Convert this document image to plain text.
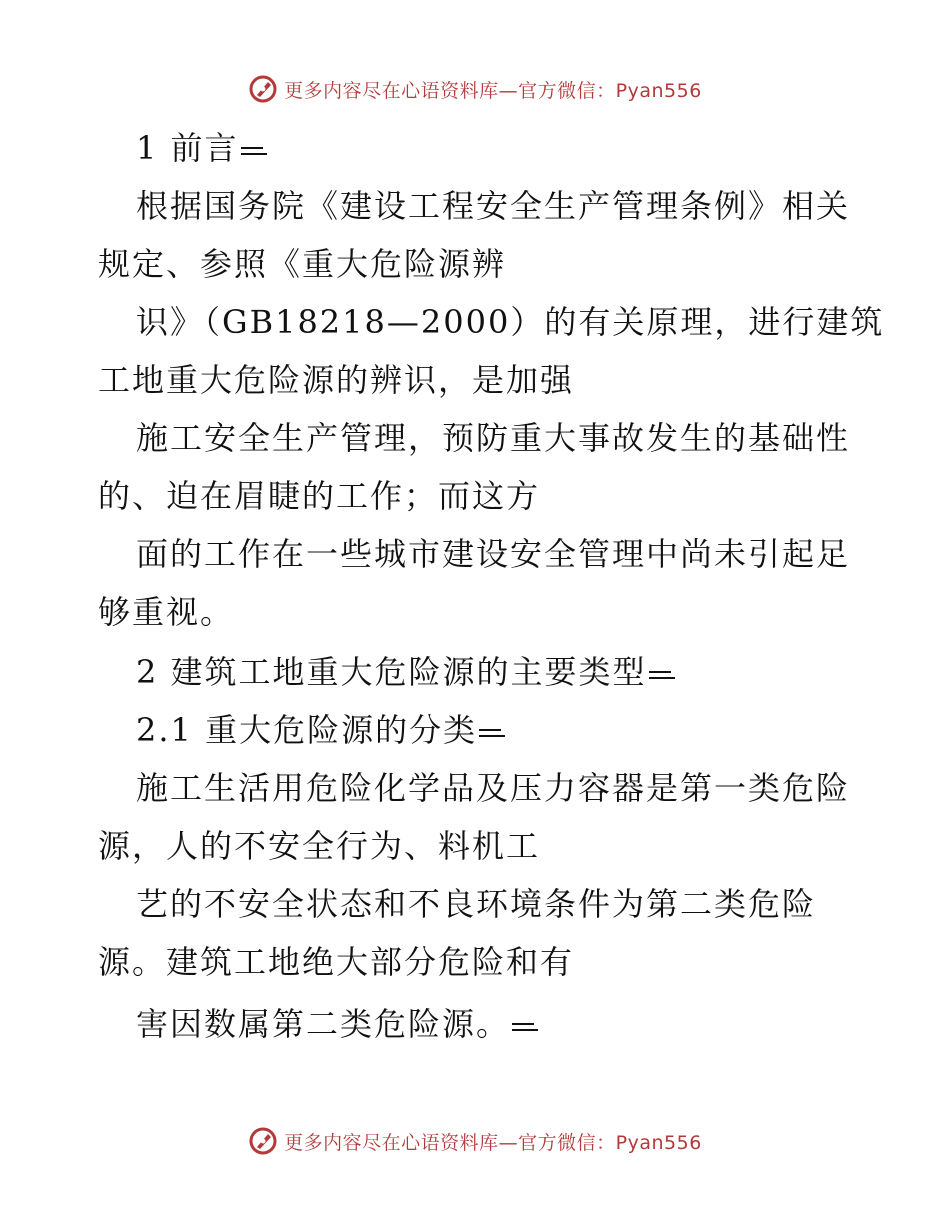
更多内容尽在心语资料库—官方微信：Pyan556
1 前言
根据国务院《建设工程安全生产管理条例》相关
规定、参照《重大危险源辨
识》（GB18218—2000）的有关原理，进行建筑
工地重大危险源的辨识，是加强
施工安全生产管理，预防重大事故发生的基础性
的、迫在眉睫的工作；而这方
面的工作在一些城市建设安全管理中尚未引起足
够重视。
2 建筑工地重大危险源的主要类型
2.1 重大危险源的分类
施工生活用危险化学品及压力容器是第一类危险
源，人的不安全行为、料机工
艺的不安全状态和不良环境条件为第二类危险
源。建筑工地绝大部分危险和有
害因数属第二类危险源。
更多内容尽在心语资料库—官方微信：Pyan556
